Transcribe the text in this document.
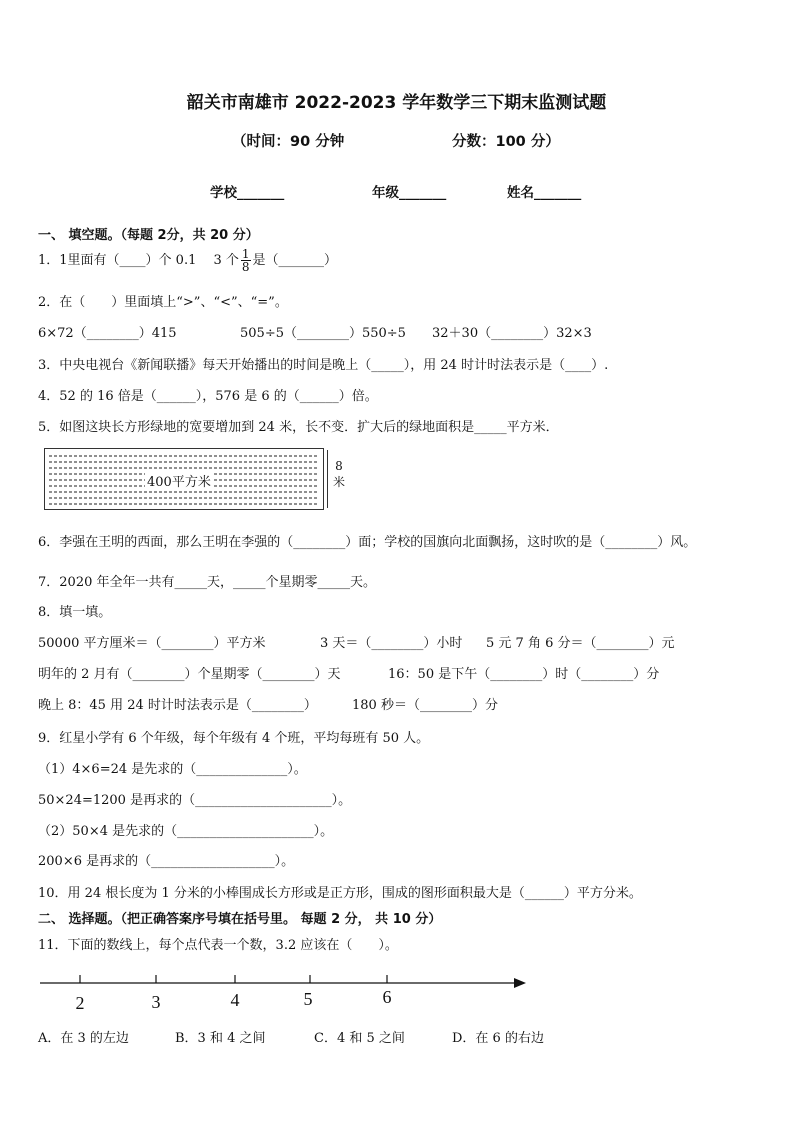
韶关市南雄市 2022-2023 学年数学三下期末监测试题
（时间：90 分钟	分数：100 分）
学校_______	年级_______	姓名_______
一、 填空题。（每题 2分，共 20 分）
1．1里面有（____）个 0.1　 3 个 $\frac{1}{8}$ 是（_______）
2．在（　　）里面填上“>”、“<”、“=”。
6×72（________）415	505÷5（________）550÷5 32＋30（________）32×3
3．中央电视台《新闻联播》每天开始播出的时间是晚上（_____），用 24 时计时法表示是（____）.
4．52 的 16 倍是（______），576 是 6 的（______）倍。
5．如图这块长方形绿地的宽要增加到 24 米，长不变．扩大后的绿地面积是_____平方米．
400平方米
8米
6．李强在王明的西面，那么王明在李强的（________）面；学校的国旗向北面飘扬，这时吹的是（________）风。
7．2020 年全年一共有_____天，_____个星期零_____天。
8．填一填。
50000 平方厘米＝（________）平方米	3 天＝（________）小时 5 元 7 角 6 分＝（________）元
明年的 2 月有（________）个星期零（________）天	16：50 是下午（________）时（________）分
晚上 8：45 用 24 时计时法表示是（________）	180 秒＝（________）分
9．红星小学有 6 个年级，每个年级有 4 个班，平均每班有 50 人。
（1）4×6=24 是先求的（______________）。
50×24=1200 是再求的（_____________________）。
（2）50×4 是先求的（_____________________）。
200×6 是再求的（___________________）。
10．用 24 根长度为 1 分米的小棒围成长方形或是正方形，围成的图形面积最大是（______）平方分米。
二、 选择题。（把正确答案序号填在括号里。 每题 2 分， 共 10 分）
11．下面的数线上，每个点代表一个数，3.2 应该在（　　）。
2	3	4	5	6
A．在 3 的左边	B．3 和 4 之间	C．4 和 5 之间	D．在 6 的右边
